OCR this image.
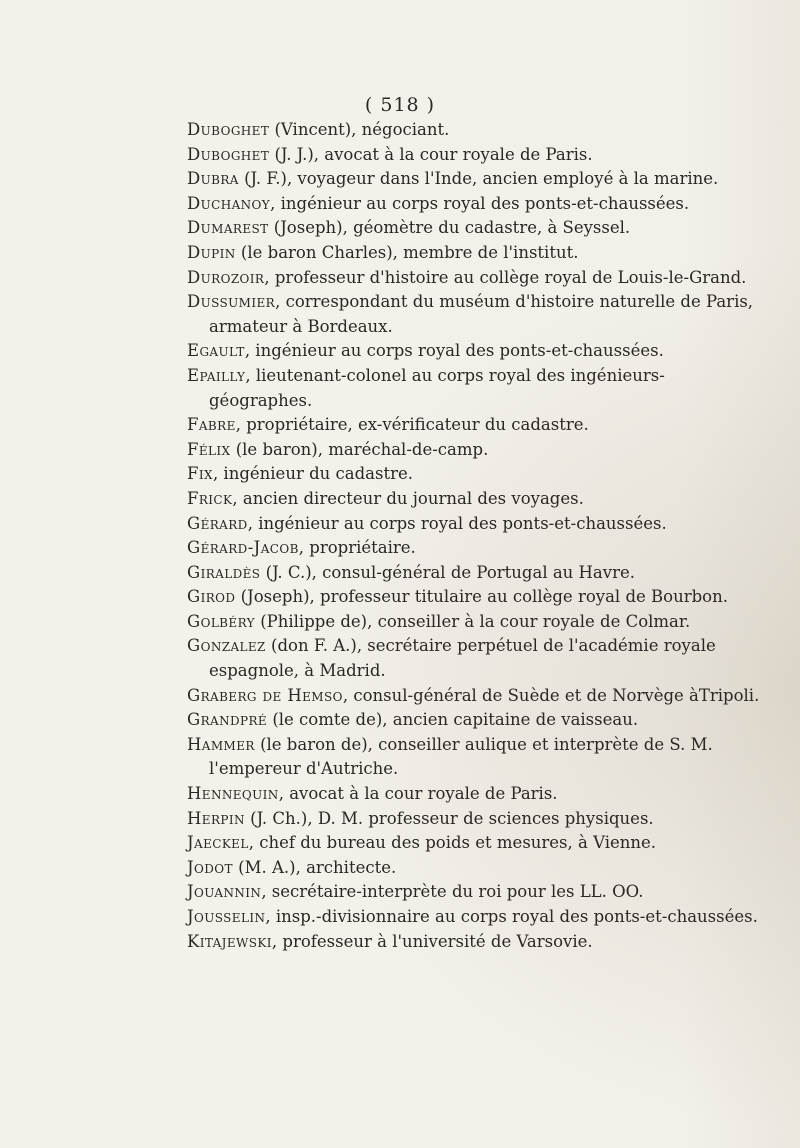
( 518 )
Duboghet (Vincent), négociant.
Duboghet (J. J.), avocat à la cour royale de Paris.
Dubra (J. F.), voyageur dans l'Inde, ancien employé à la marine.
Duchanoy, ingénieur au corps royal des ponts-et-chaussées.
Dumarest (Joseph), géomètre du cadastre, à Seyssel.
Dupin (le baron Charles), membre de l'institut.
Durozoir, professeur d'histoire au collège royal de Louis-le-Grand.
Dussumier, correspondant du muséum d'histoire naturelle de Paris, armateur à Bordeaux.
Egault, ingénieur au corps royal des ponts-et-chaussées.
Epailly, lieutenant-colonel au corps royal des ingénieurs-géographes.
Fabre, propriétaire, ex-vérificateur du cadastre.
Félix (le baron), maréchal-de-camp.
Fix, ingénieur du cadastre.
Frick, ancien directeur du journal des voyages.
Gérard, ingénieur au corps royal des ponts-et-chaussées.
Gérard-Jacob, propriétaire.
Giraldès (J. C.), consul-général de Portugal au Havre.
Girod (Joseph), professeur titulaire au collège royal de Bourbon.
Golbéry (Philippe de), conseiller à la cour royale de Colmar.
Gonzalez (don F. A.), secrétaire perpétuel de l'académie royale espagnole, à Madrid.
Graberg de Hemso, consul-général de Suède et de Norvège àTripoli.
Grandpré (le comte de), ancien capitaine de vaisseau.
Hammer (le baron de), conseiller aulique et interprète de S. M. l'empereur d'Autriche.
Hennequin, avocat à la cour royale de Paris.
Herpin (J. Ch.), D. M. professeur de sciences physiques.
Jaeckel, chef du bureau des poids et mesures, à Vienne.
Jodot (M. A.), architecte.
Jouannin, secrétaire-interprète du roi pour les LL. OO.
Jousselin, insp.-divisionnaire au corps royal des ponts-et-chaussées.
Kitajewski, professeur à l'université de Varsovie.
